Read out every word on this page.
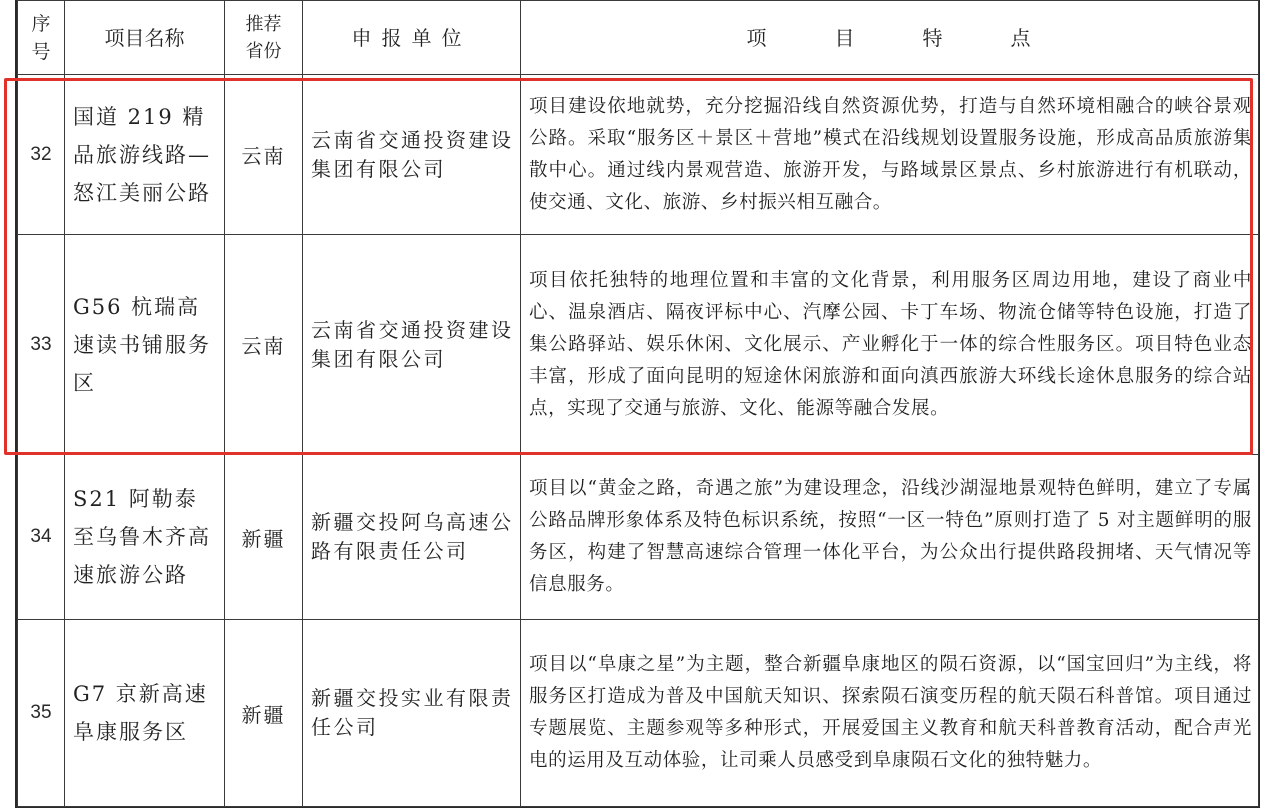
序号	项目名称	推荐省份	申报单位	项   目   特   点
32	国道 219 精品旅游线路—怒江美丽公路	云南	云南省交通投资建设集团有限公司	项目建设依地就势，充分挖掘沿线自然资源优势，打造与自然环境相融合的峡谷景观公路。采取“服务区＋景区＋营地”模式在沿线规划设置服务设施，形成高品质旅游集散中心。通过线内景观营造、旅游开发，与路域景区景点、乡村旅游进行有机联动，使交通、文化、旅游、乡村振兴相互融合。
33	G56 杭瑞高速读书铺服务区	云南	云南省交通投资建设集团有限公司	项目依托独特的地理位置和丰富的文化背景，利用服务区周边用地，建设了商业中心、温泉酒店、隔夜评标中心、汽摩公园、卡丁车场、物流仓储等特色设施，打造了集公路驿站、娱乐休闲、文化展示、产业孵化于一体的综合性服务区。项目特色业态丰富，形成了面向昆明的短途休闲旅游和面向滇西旅游大环线长途休息服务的综合站点，实现了交通与旅游、文化、能源等融合发展。
34	S21 阿勒泰至乌鲁木齐高速旅游公路	新疆	新疆交投阿乌高速公路有限责任公司	项目以“黄金之路，奇遇之旅”为建设理念，沿线沙湖湿地景观特色鲜明，建立了专属公路品牌形象体系及特色标识系统，按照“一区一特色”原则打造了 5 对主题鲜明的服务区，构建了智慧高速综合管理一体化平台，为公众出行提供路段拥堵、天气情况等信息服务。
35	G7 京新高速阜康服务区	新疆	新疆交投实业有限责任公司	项目以“阜康之星”为主题，整合新疆阜康地区的陨石资源，以“国宝回归”为主线，将服务区打造成为普及中国航天知识、探索陨石演变历程的航天陨石科普馆。项目通过专题展览、主题参观等多种形式，开展爱国主义教育和航天科普教育活动，配合声光电的运用及互动体验，让司乘人员感受到阜康陨石文化的独特魅力。
